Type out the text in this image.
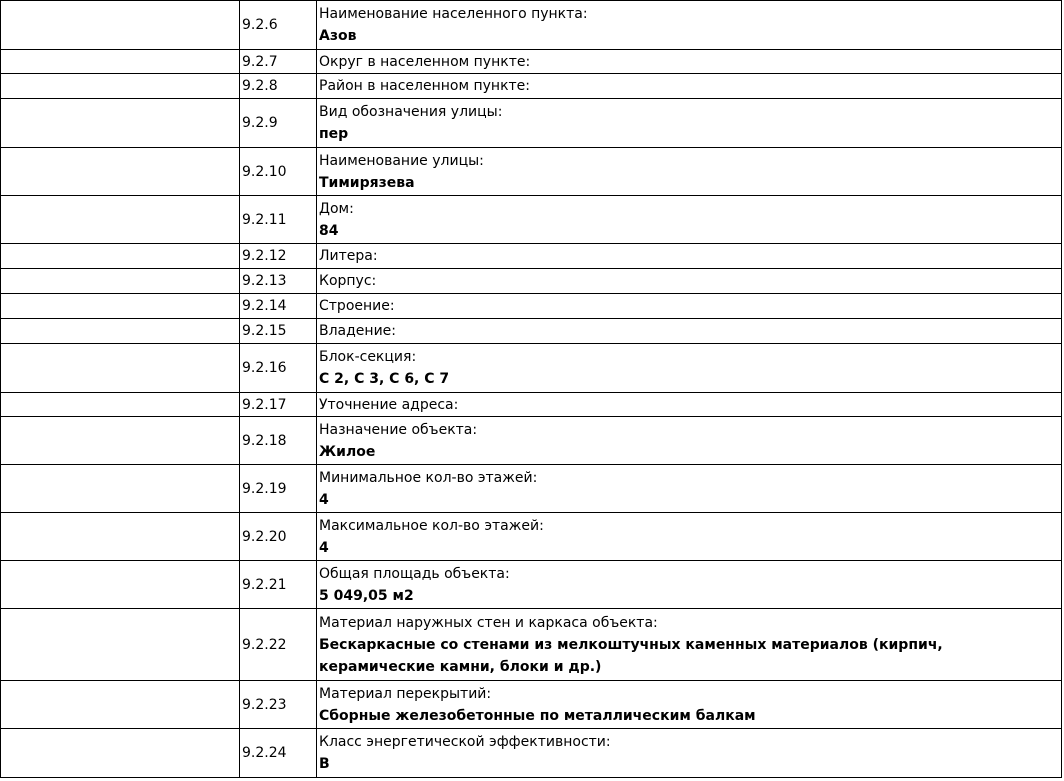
	9.2.6	Наименование населенного пункта:
Азов

	9.2.7	Округ в населенном пункте:
	9.2.8	Район в населенном пункте:
	9.2.9	Вид обозначения улицы:
пер

	9.2.10	Наименование улицы:
Тимирязева

	9.2.11	Дом:
84

	9.2.12	Литера:
	9.2.13	Корпус:
	9.2.14	Строение:
	9.2.15	Владение:
	9.2.16	Блок-секция:
С 2, С 3, С 6, С 7

	9.2.17	Уточнение адреса:
	9.2.18	Назначение объекта:
Жилое

	9.2.19	Минимальное кол-во этажей:
4

	9.2.20	Максимальное кол-во этажей:
4

	9.2.21	Общая площадь объекта:
5 049,05 м2

	9.2.22	Материал наружных стен и каркаса объекта:
Бескаркасные со стенами из мелкоштучных каменных материалов (кирпич, керамические камни, блоки и др.)

	9.2.23	Материал перекрытий:
Сборные железобетонные по металлическим балкам

	9.2.24	Класс энергетической эффективности:
В
